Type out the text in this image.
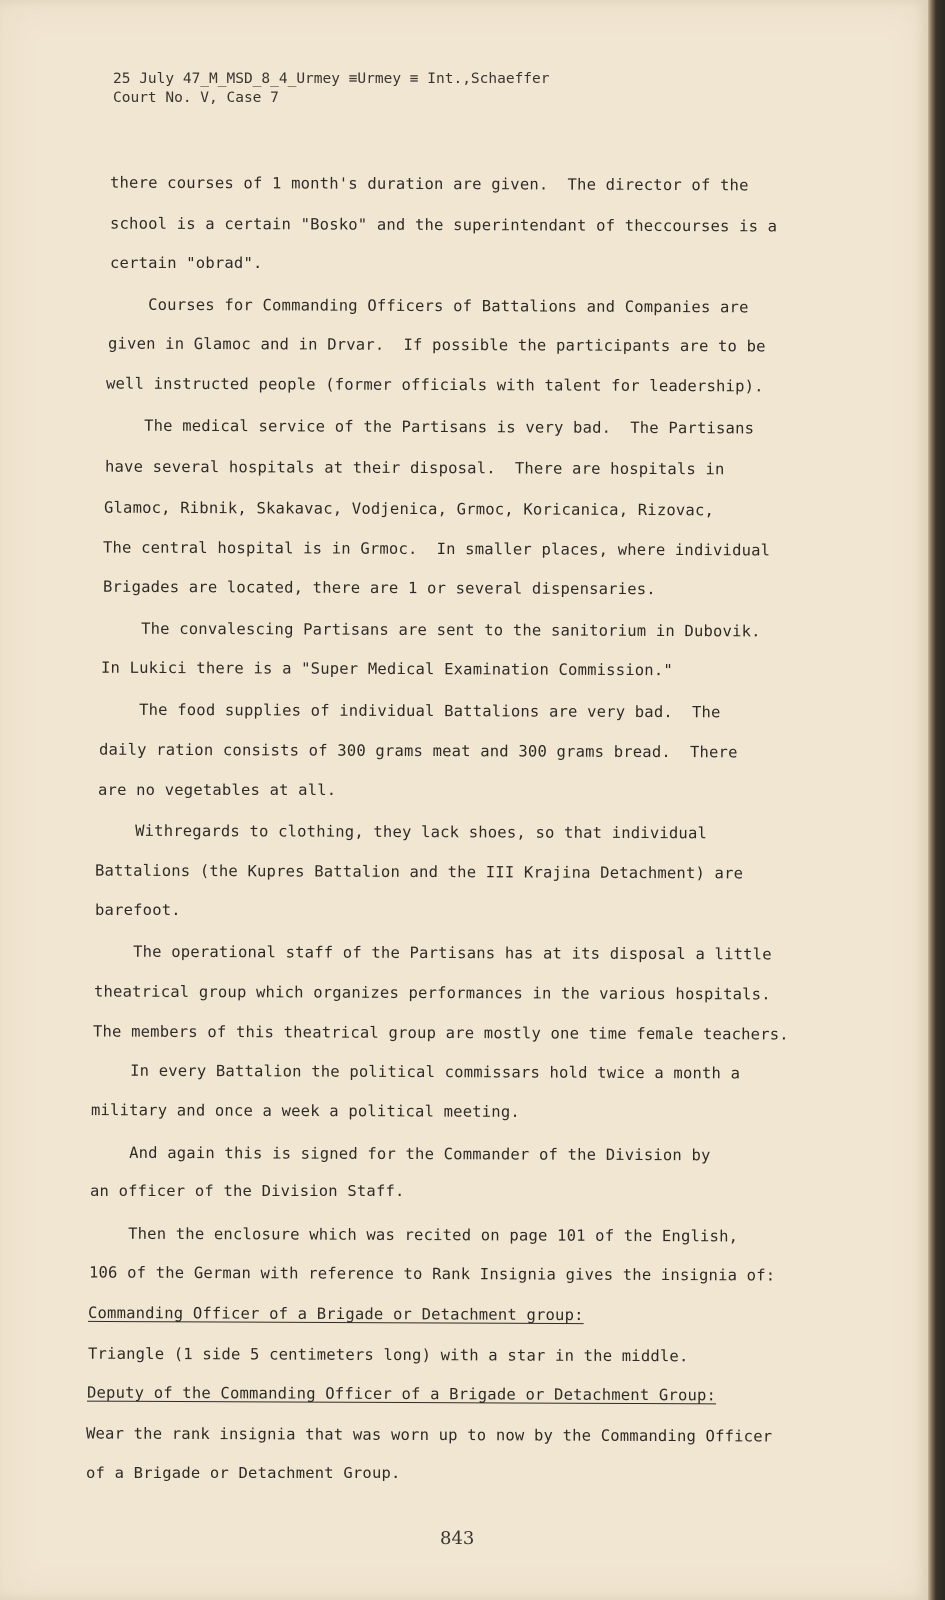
25 July 47_M_MSD_8_4_Urmey ≡Urmey ≡ Int.,Schaeffer
Court No. V, Case 7
there courses of 1 month's duration are given.  The director of the
school is a certain "Bosko" and the superintendant of theccourses is a
certain "obrad".
Courses for Commanding Officers of Battalions and Companies are
given in Glamoc and in Drvar.  If possible the participants are to be
well instructed people (former officials with talent for leadership).
The medical service of the Partisans is very bad.  The Partisans
have several hospitals at their disposal.  There are hospitals in
Glamoc, Ribnik, Skakavac, Vodjenica, Grmoc, Koricanica, Rizovac,
The central hospital is in Grmoc.  In smaller places, where individual
Brigades are located, there are 1 or several dispensaries.
The convalescing Partisans are sent to the sanitorium in Dubovik.
In Lukici there is a "Super Medical Examination Commission."
The food supplies of individual Battalions are very bad.  The
daily ration consists of 300 grams meat and 300 grams bread.  There
are no vegetables at all.
Withregards to clothing, they lack shoes, so that individual
Battalions (the Kupres Battalion and the III Krajina Detachment) are
barefoot.
The operational staff of the Partisans has at its disposal a little
theatrical group which organizes performances in the various hospitals.
The members of this theatrical group are mostly one time female teachers.
In every Battalion the political commissars hold twice a month a
military and once a week a political meeting.
And again this is signed for the Commander of the Division by
an officer of the Division Staff.
Then the enclosure which was recited on page 101 of the English,
106 of the German with reference to Rank Insignia gives the insignia of:
Commanding Officer of a Brigade or Detachment group:
Triangle (1 side 5 centimeters long) with a star in the middle.
Deputy of the Commanding Officer of a Brigade or Detachment Group:
Wear the rank insignia that was worn up to now by the Commanding Officer
of a Brigade or Detachment Group.
843
